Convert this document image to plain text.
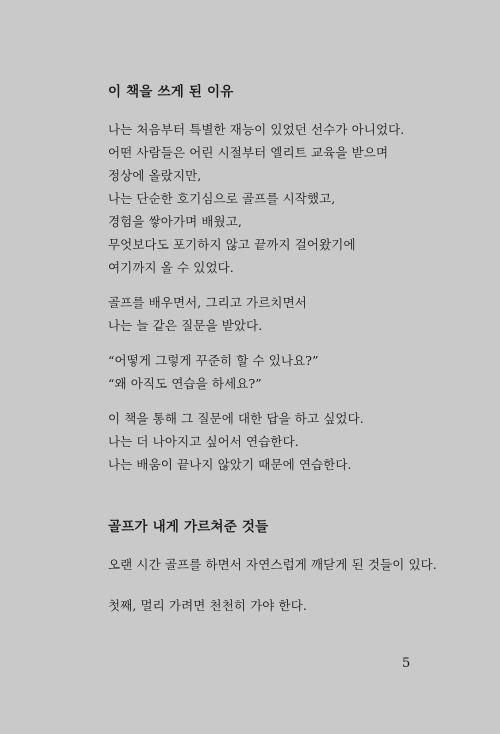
이 책을 쓰게 된 이유
나는 처음부터 특별한 재능이 있었던 선수가 아니었다.
어떤 사람들은 어린 시절부터 엘리트 교육을 받으며
정상에 올랐지만,
나는 단순한 호기심으로 골프를 시작했고,
경험을 쌓아가며 배웠고,
무엇보다도 포기하지 않고 끝까지 걸어왔기에
여기까지 올 수 있었다.
골프를 배우면서, 그리고 가르치면서
나는 늘 같은 질문을 받았다.
“어떻게 그렇게 꾸준히 할 수 있나요?”
“왜 아직도 연습을 하세요?”
이 책을 통해 그 질문에 대한 답을 하고 싶었다.
나는 더 나아지고 싶어서 연습한다.
나는 배움이 끝나지 않았기 때문에 연습한다.
골프가 내게 가르쳐준 것들
오랜 시간 골프를 하면서 자연스럽게 깨닫게 된 것들이 있다.
첫째, 멀리 가려면 천천히 가야 한다.
5
